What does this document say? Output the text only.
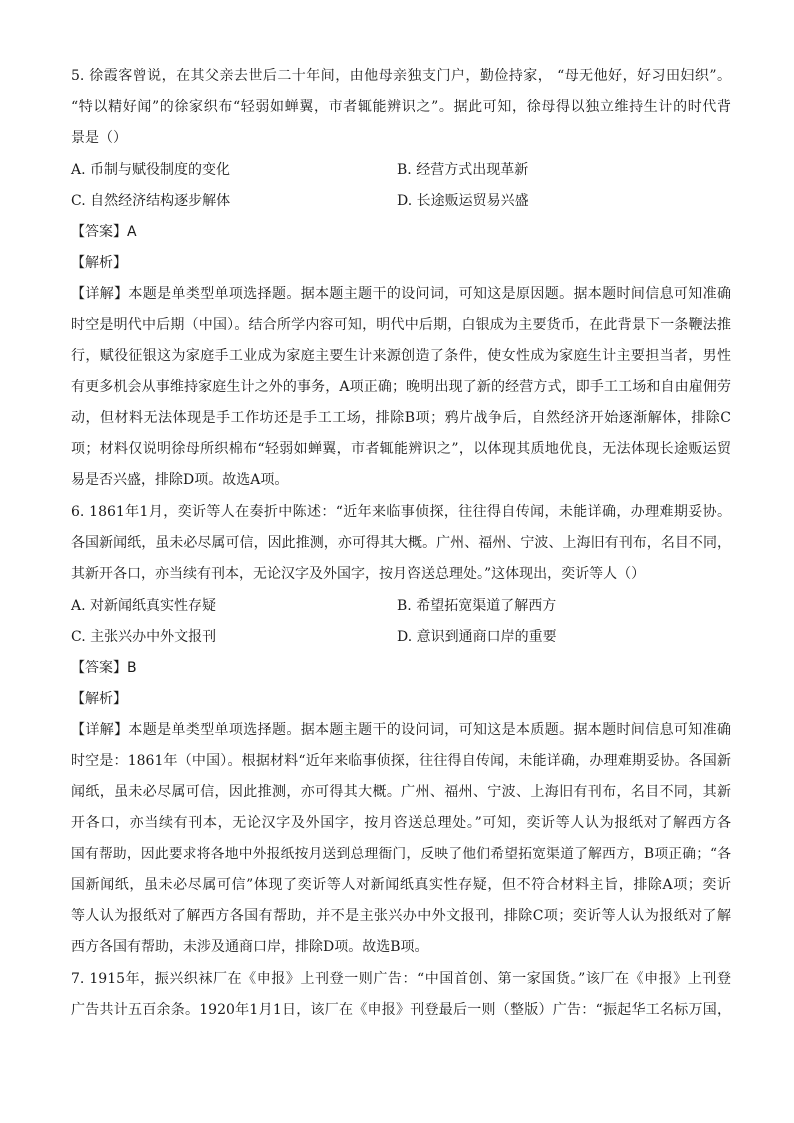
5. 徐霞客曾说，在其父亲去世后二十年间，由他母亲独支门户，勤俭持家， “母无他好，好习田妇织”。
“特以精好闻”的徐家织布“轻弱如蝉翼，市者辄能辨识之”。据此可知，徐母得以独立维持生计的时代背
景是（）
A. 币制与赋役制度的变化	B. 经营方式出现革新
C. 自然经济结构逐步解体	D. 长途贩运贸易兴盛
【答案】A
【解析】
【详解】本题是单类型单项选择题。据本题主题干的设问词，可知这是原因题。据本题时间信息可知准确
时空是明代中后期（中国）。结合所学内容可知，明代中后期，白银成为主要货币，在此背景下一条鞭法推
行，赋役征银这为家庭手工业成为家庭主要生计来源创造了条件，使女性成为家庭生计主要担当者，男性
有更多机会从事维持家庭生计之外的事务，A项正确；晚明出现了新的经营方式，即手工工场和自由雇佣劳
动，但材料无法体现是手工作坊还是手工工场，排除B项；鸦片战争后，自然经济开始逐渐解体，排除C
项；材料仅说明徐母所织棉布“轻弱如蝉翼，市者辄能辨识之”，以体现其质地优良，无法体现长途贩运贸
易是否兴盛，排除D项。故选A项。
6. 1861年1月，奕䜣等人在奏折中陈述：“近年来临事侦探，往往得自传闻，未能详确，办理难期妥协。
各国新闻纸，虽未必尽属可信，因此推测，亦可得其大概。广州、福州、宁波、上海旧有刊布，名目不同，
其新开各口，亦当续有刊本，无论汉字及外国字，按月咨送总理处。”这体现出，奕䜣等人（）
A. 对新闻纸真实性存疑	B. 希望拓宽渠道了解西方
C. 主张兴办中外文报刊	D. 意识到通商口岸的重要
【答案】B
【解析】
【详解】本题是单类型单项选择题。据本题主题干的设问词，可知这是本质题。据本题时间信息可知准确
时空是：1861年（中国）。根据材料“近年来临事侦探，往往得自传闻，未能详确，办理难期妥协。各国新
闻纸，虽未必尽属可信，因此推测，亦可得其大概。广州、福州、宁波、上海旧有刊布，名目不同，其新
开各口，亦当续有刊本，无论汉字及外国字，按月咨送总理处。”可知，奕䜣等人认为报纸对了解西方各
国有帮助，因此要求将各地中外报纸按月送到总理衙门，反映了他们希望拓宽渠道了解西方，B项正确；“各
国新闻纸，虽未必尽属可信”体现了奕䜣等人对新闻纸真实性存疑，但不符合材料主旨，排除A项；奕䜣
等人认为报纸对了解西方各国有帮助，并不是主张兴办中外文报刊，排除C项；奕䜣等人认为报纸对了解
西方各国有帮助，未涉及通商口岸，排除D项。故选B项。
7. 1915年，振兴织袜厂在《申报》上刊登一则广告：“中国首创、第一家国货。”该厂在《申报》上刊登
广告共计五百余条。1920年1月1日，该厂在《申报》刊登最后一则（整版）广告：“振起华工名标万国，
